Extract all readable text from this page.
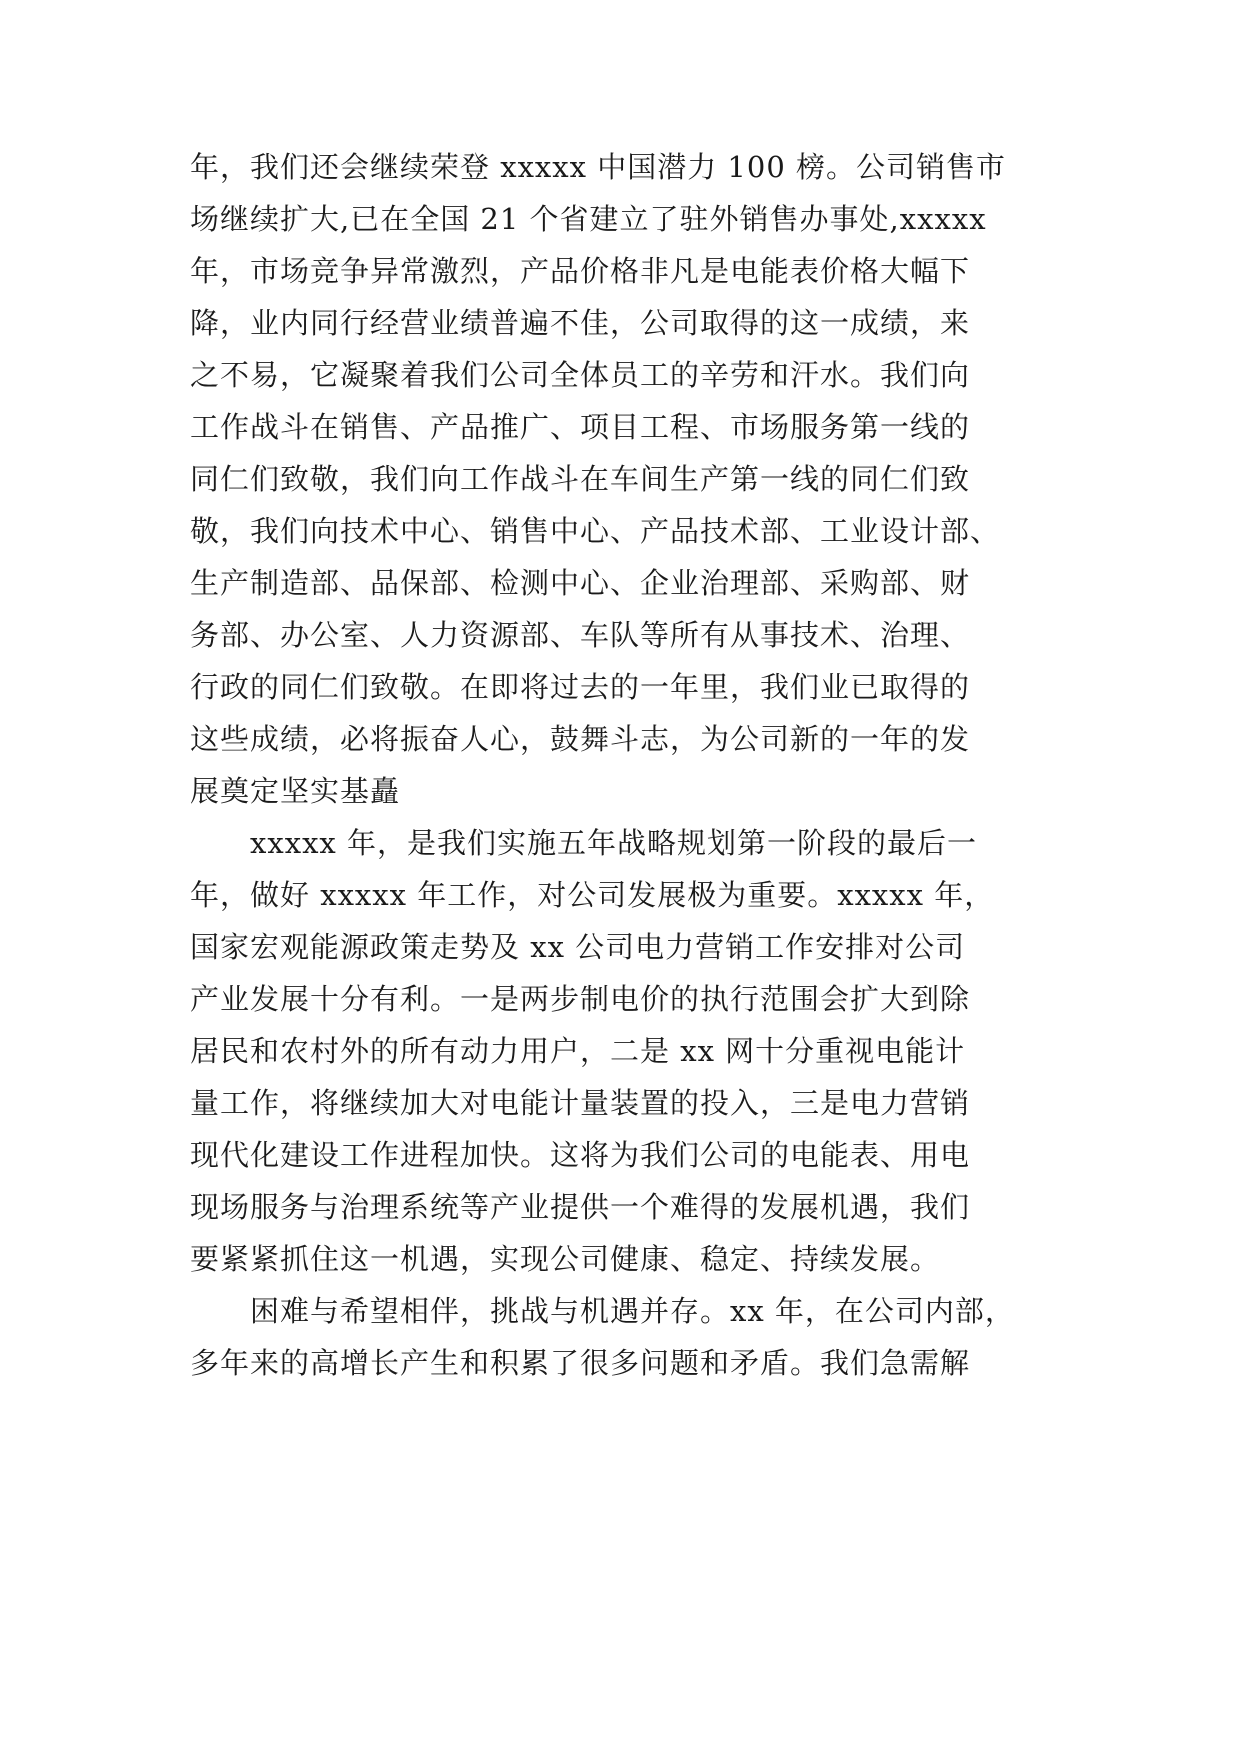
年，我们还会继续荣登 xxxxx 中国潜力 100 榜。公司销售市
场继续扩大,已在全国 21 个省建立了驻外销售办事处,xxxxx
年，市场竞争异常激烈，产品价格非凡是电能表价格大幅下
降，业内同行经营业绩普遍不佳，公司取得的这一成绩，来
之不易，它凝聚着我们公司全体员工的辛劳和汗水。我们向
工作战斗在销售、产品推广、项目工程、市场服务第一线的
同仁们致敬，我们向工作战斗在车间生产第一线的同仁们致
敬，我们向技术中心、销售中心、产品技术部、工业设计部、
生产制造部、品保部、检测中心、企业治理部、采购部、财
务部、办公室、人力资源部、车队等所有从事技术、治理、
行政的同仁们致敬。在即将过去的一年里，我们业已取得的
这些成绩，必将振奋人心，鼓舞斗志，为公司新的一年的发
展奠定坚实基矗
xxxxx 年，是我们实施五年战略规划第一阶段的最后一
年，做好 xxxxx 年工作，对公司发展极为重要。xxxxx 年，
国家宏观能源政策走势及 xx 公司电力营销工作安排对公司
产业发展十分有利。一是两步制电价的执行范围会扩大到除
居民和农村外的所有动力用户，二是 xx 网十分重视电能计
量工作，将继续加大对电能计量装置的投入，三是电力营销
现代化建设工作进程加快。这将为我们公司的电能表、用电
现场服务与治理系统等产业提供一个难得的发展机遇，我们
要紧紧抓住这一机遇，实现公司健康、稳定、持续发展。
困难与希望相伴，挑战与机遇并存。xx 年，在公司内部，
多年来的高增长产生和积累了很多问题和矛盾。我们急需解
